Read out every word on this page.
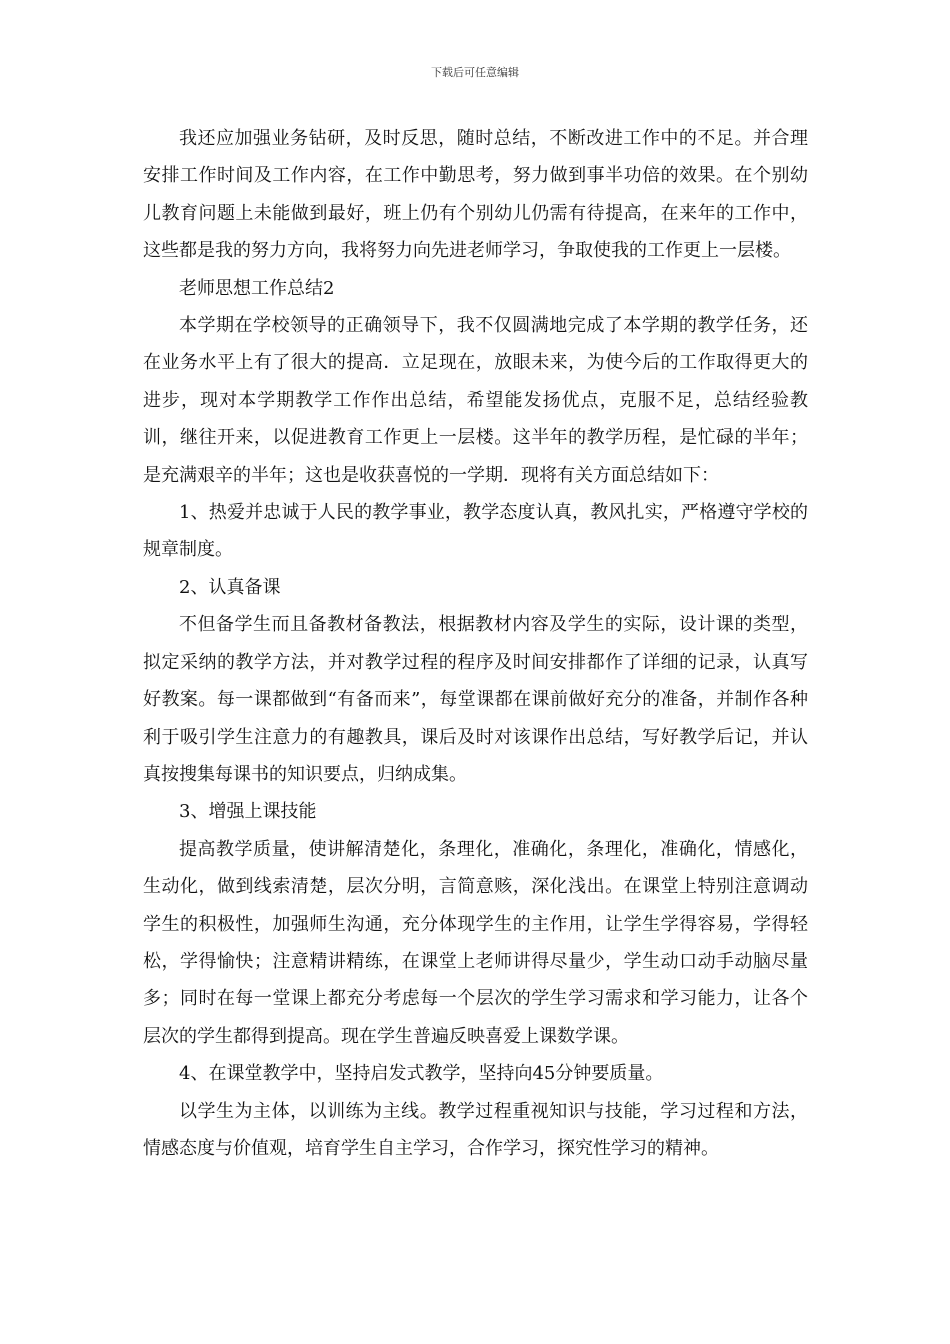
下载后可任意编辑

我还应加强业务钻研，及时反思，随时总结，不断改进工作中的不足。并合理安排工作时间及工作内容，在工作中勤思考，努力做到事半功倍的效果。在个别幼儿教育问题上未能做到最好，班上仍有个别幼儿仍需有待提高，在来年的工作中，这些都是我的努力方向，我将努力向先进老师学习，争取使我的工作更上一层楼。

老师思想工作总结2

本学期在学校领导的正确领导下，我不仅圆满地完成了本学期的教学任务，还在业务水平上有了很大的提高．立足现在，放眼未来，为使今后的工作取得更大的进步，现对本学期教学工作作出总结，希望能发扬优点，克服不足，总结经验教训，继往开来，以促进教育工作更上一层楼。这半年的教学历程，是忙碌的半年；是充满艰辛的半年；这也是收获喜悦的一学期．现将有关方面总结如下：

1、热爱并忠诚于人民的教学事业，教学态度认真，教风扎实，严格遵守学校的规章制度。

2、认真备课

不但备学生而且备教材备教法，根据教材内容及学生的实际，设计课的类型，拟定采纳的教学方法，并对教学过程的程序及时间安排都作了详细的记录，认真写好教案。每一课都做到“有备而来”，每堂课都在课前做好充分的准备，并制作各种利于吸引学生注意力的有趣教具，课后及时对该课作出总结，写好教学后记，并认真按搜集每课书的知识要点，归纳成集。

3、增强上课技能

提高教学质量，使讲解清楚化，条理化，准确化，条理化，准确化，情感化，生动化，做到线索清楚，层次分明，言简意赅，深化浅出。在课堂上特别注意调动学生的积极性，加强师生沟通，充分体现学生的主作用，让学生学得容易，学得轻松，学得愉快；注意精讲精练，在课堂上老师讲得尽量少，学生动口动手动脑尽量多；同时在每一堂课上都充分考虑每一个层次的学生学习需求和学习能力，让各个层次的学生都得到提高。现在学生普遍反映喜爱上课数学课。

4、在课堂教学中，坚持启发式教学，坚持向45分钟要质量。

以学生为主体，以训练为主线。教学过程重视知识与技能，学习过程和方法，情感态度与价值观，培育学生自主学习，合作学习，探究性学习的精神。
